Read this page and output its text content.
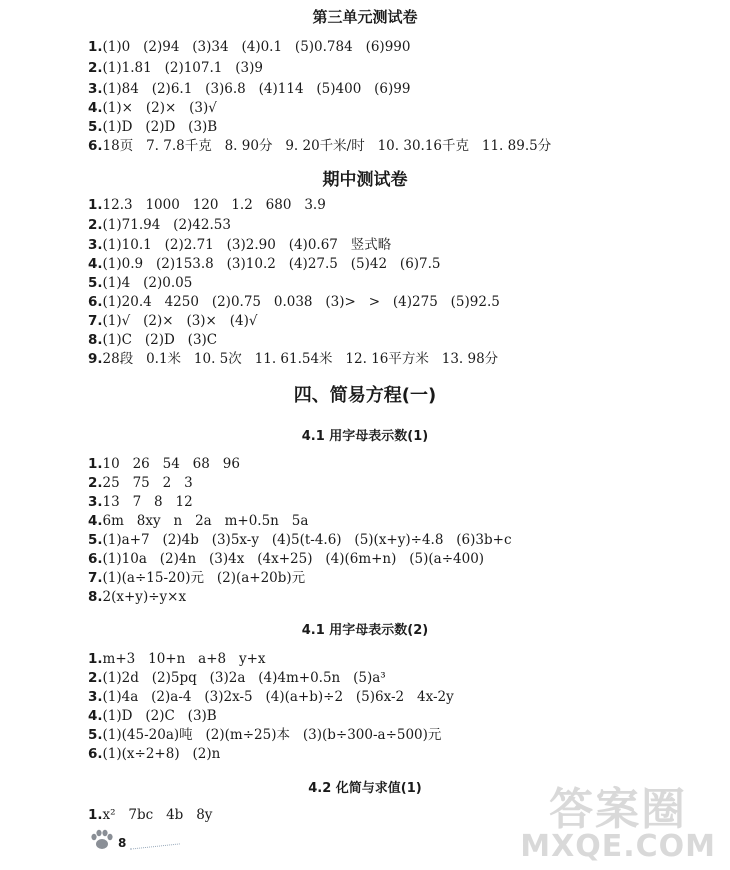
第三单元测试卷

1.(1)0   (2)94   (3)34   (4)0.1   (5)0.784   (6)990

2.(1)1.81   (2)107.1   (3)9

3.(1)84   (2)6.1   (3)6.8   (4)114   (5)400   (6)99

4.(1)×   (2)×   (3)√

5.(1)D   (2)D   (3)B

6.18页   7. 7.8千克   8. 90分   9. 20千米/时   10. 30.16千克   11. 89.5分

期中测试卷

1.12.3   1000   120   1.2   680   3.9

2.(1)71.94   (2)42.53

3.(1)10.1   (2)2.71   (3)2.90   (4)0.67   竖式略

4.(1)0.9   (2)153.8   (3)10.2   (4)27.5   (5)42   (6)7.5

5.(1)4   (2)0.05

6.(1)20.4   4250   (2)0.75   0.038   (3)>   >   (4)275   (5)92.5

7.(1)√   (2)×   (3)×   (4)√

8.(1)C   (2)D   (3)C

9.28段   0.1米   10. 5次   11. 61.54米   12. 16平方米   13. 98分

四、简易方程(一)
4.1 用字母表示数(1)

1.10   26   54   68   96

2.25   75   2   3

3.13   7   8   12

4.6m   8xy   n   2a   m+0.5n   5a

5.(1)a+7   (2)4b   (3)5x-y   (4)5(t-4.6)   (5)(x+y)÷4.8   (6)3b+c

6.(1)10a   (2)4n   (3)4x   (4x+25)   (4)(6m+n)   (5)(a÷400)

7.(1)(a÷15-20)元   (2)(a+20b)元

8.2(x+y)÷y×x

4.1 用字母表示数(2)

1.m+3   10+n   a+8   y+x

2.(1)2d   (2)5pq   (3)2a   (4)4m+0.5n   (5)a³

3.(1)4a   (2)a-4   (3)2x-5   (4)(a+b)÷2   (5)6x-2   4x-2y

4.(1)D   (2)C   (3)B

5.(1)(45-20a)吨   (2)(m÷25)本   (3)(b÷300-a÷500)元

6.(1)(x÷2+8)   (2)n

4.2 化简与求值(1)

1.x²   7bc   4b   8y

8
答案圈
MXQE.COM
